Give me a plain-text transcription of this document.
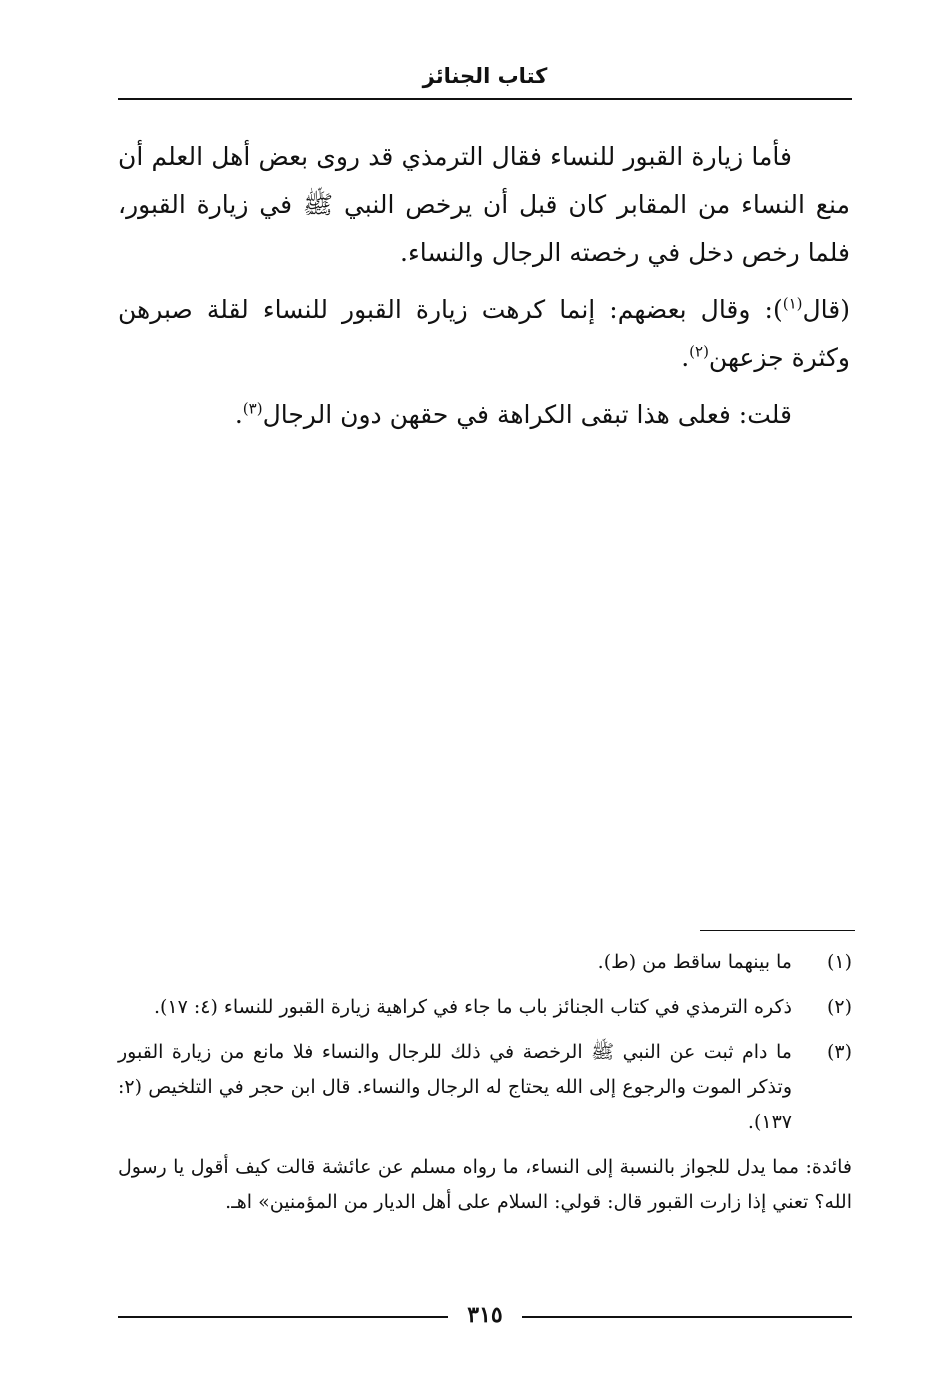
كتاب الجنائز

فأما زيارة القبور للنساء فقال الترمذي قد روى بعض أهل العلم أن منع النساء من المقابر كان قبل أن يرخص النبي ﷺ في زيارة القبور، فلما رخص دخل في رخصته الرجال والنساء.

(قال$^{(١)}$): وقال بعضهم: إنما كرهت زيارة القبور للنساء لقلة صبرهن وكثرة جزعهن$^{(٢)}$.

قلت: فعلى هذا تبقى الكراهة في حقهن دون الرجال$^{(٣)}$.

(١)
ما بينهما ساقط من (ط).
(٢)
ذكره الترمذي في كتاب الجنائز باب ما جاء في كراهية زيارة القبور للنساء (٤: ١٧).
(٣)
ما دام ثبت عن النبي ﷺ الرخصة في ذلك للرجال والنساء فلا مانع من زيارة القبور وتذكر الموت والرجوع إلى الله يحتاج له الرجال والنساء. قال ابن حجر في التلخيص (٢: ١٣٧).
فائدة: مما يدل للجواز بالنسبة إلى النساء، ما رواه مسلم عن عائشة قالت كيف أقول يا رسول الله؟ تعني إذا زارت القبور قال: قولي: السلام على أهل الديار من المؤمنين» اهـ.
٣١٥
